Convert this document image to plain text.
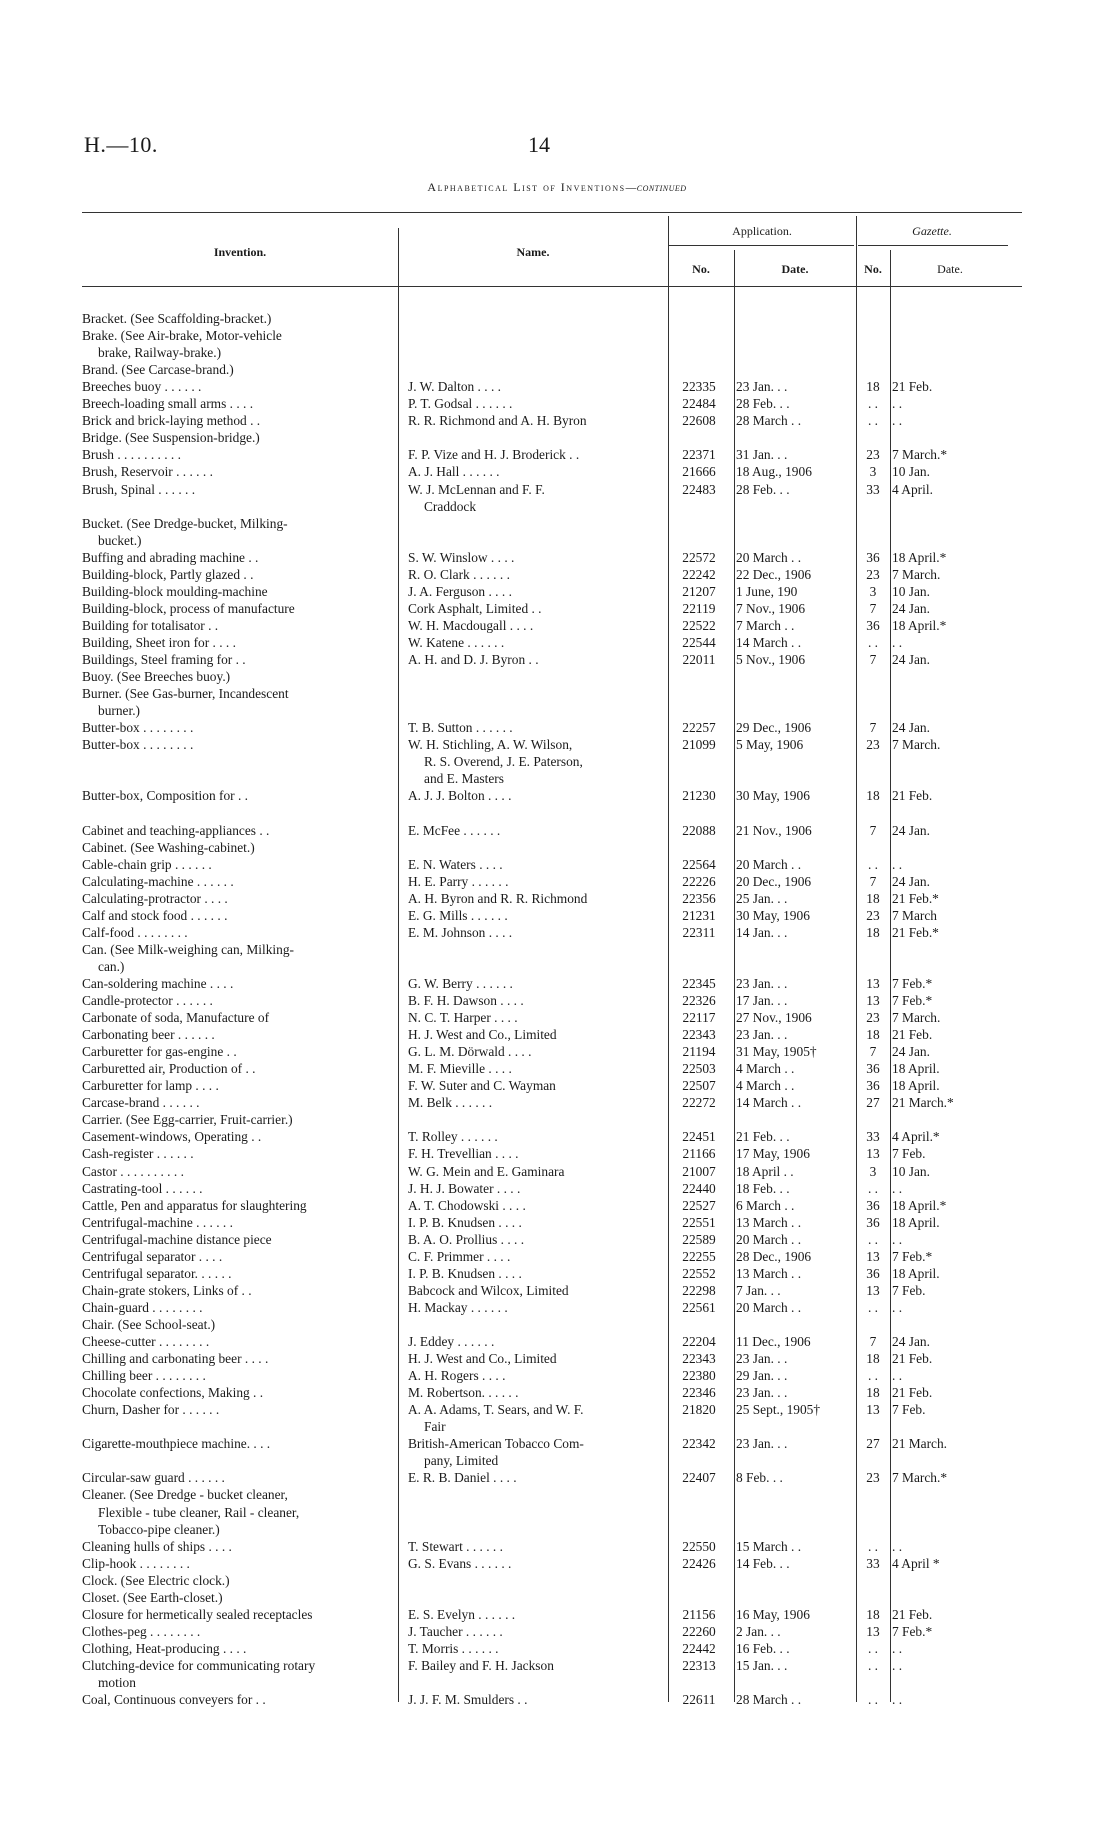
H.—10.	14
Alphabetical List of Inventions—continued
Invention.	Name.
Application.
No.	Date.
Gazette.
No.	Date.
Bracket. (See Scaffolding-bracket.)
Brake. (See Air-brake, Motor-vehicle
brake, Railway-brake.)
Brand. (See Carcase-brand.)
Breeches buoy . . . . . .	J. W. Dalton . . . .	22335	23 Jan. . .	18 21 Feb.
Breech-loading small arms . . . .	P. T. Godsal . . . . . .	22484	28 Feb. . .	. .	. .
Brick and brick-laying method . .	R. R. Richmond and A. H. Byron	22608	28 March . .	. .	. .
Bridge. (See Suspension-bridge.)
Brush . . . . . . . . . .	F. P. Vize and H. J. Broderick . .	22371	31 Jan. . .	23 7 March.*
Brush, Reservoir . . . . . .	A. J. Hall . . . . . .	21666	18 Aug., 1906	3	10 Jan.
Brush, Spinal . . . . . .	W. J. McLennan and F. F.	22483	28 Feb. . .	33 4 April.
Craddock
Bucket. (See Dredge-bucket, Milking-
bucket.)
Buffing and abrading machine . .	S. W. Winslow . . . .	22572	20 March . .	36 18 April.*
Building-block, Partly glazed . .	R. O. Clark . . . . . .	22242	22 Dec., 1906	23 7 March.
Building-block moulding-machine	J. A. Ferguson . . . .	21207	1 June, 190	3	10 Jan.
Building-block, process of manufacture	Cork Asphalt, Limited . .	22119	7 Nov., 1906	7	24 Jan.
Building for totalisator . .	W. H. Macdougall . . . .	22522	7 March . .	36 18 April.*
Building, Sheet iron for . . . .	W. Katene . . . . . .	22544	14 March . .	. .	. .
Buildings, Steel framing for . .	A. H. and D. J. Byron . .	22011	5 Nov., 1906	7	24 Jan.
Buoy. (See Breeches buoy.)
Burner. (See Gas-burner, Incandescent
burner.)
Butter-box . . . . . . . .	T. B. Sutton . . . . . .	22257	29 Dec., 1906	7	24 Jan.
Butter-box . . . . . . . .	W. H. Stichling, A. W. Wilson,	21099	5 May, 1906	23 7 March.
R. S. Overend, J. E. Paterson,
and E. Masters
Butter-box, Composition for . .	A. J. J. Bolton . . . .	21230	30 May, 1906	18 21 Feb.
Cabinet and teaching-appliances . .	E. McFee . . . . . .	22088	21 Nov., 1906	7	24 Jan.
Cabinet. (See Washing-cabinet.)
Cable-chain grip . . . . . .	E. N. Waters . . . .	22564	20 March . .	. .	. .
Calculating-machine . . . . . .	H. E. Parry . . . . . .	22226	20 Dec., 1906	7	24 Jan.
Calculating-protractor . . . .	A. H. Byron and R. R. Richmond	22356	25 Jan. . .	18 21 Feb.*
Calf and stock food . . . . . .	E. G. Mills . . . . . .	21231	30 May, 1906	23 7 March
Calf-food . . . . . . . .	E. M. Johnson . . . .	22311	14 Jan. . .	18 21 Feb.*
Can. (See Milk-weighing can, Milking-
can.)
Can-soldering machine . . . .	G. W. Berry . . . . . .	22345	23 Jan. . .	13 7 Feb.*
Candle-protector . . . . . .	B. F. H. Dawson . . . .	22326	17 Jan. . .	13 7 Feb.*
Carbonate of soda, Manufacture of	N. C. T. Harper . . . .	22117	27 Nov., 1906	23 7 March.
Carbonating beer . . . . . .	H. J. West and Co., Limited	22343	23 Jan. . .	18 21 Feb.
Carburetter for gas-engine . .	G. L. M. Dörwald . . . .	21194	31 May, 1905†	7	24 Jan.
Carburetted air, Production of . .	M. F. Mieville . . . .	22503	4 March . .	36 18 April.
Carburetter for lamp . . . .	F. W. Suter and C. Wayman	22507	4 March . .	36 18 April.
Carcase-brand . . . . . .	M. Belk . . . . . .	22272	14 March . .	27 21 March.*
Carrier. (See Egg-carrier, Fruit-carrier.)
Casement-windows, Operating . .	T. Rolley . . . . . .	22451	21 Feb. . .	33 4 April.*
Cash-register . . . . . .	F. H. Trevellian . . . .	21166	17 May, 1906	13 7 Feb.
Castor . . . . . . . . . .	W. G. Mein and E. Gaminara	21007	18 April . .	3	10 Jan.
Castrating-tool . . . . . .	J. H. J. Bowater . . . .	22440	18 Feb. . .	. .	. .
Cattle, Pen and apparatus for slaughtering	A. T. Chodowski . . . .	22527	6 March . .	36 18 April.*
Centrifugal-machine . . . . . .	I. P. B. Knudsen . . . .	22551	13 March . .	36 18 April.
Centrifugal-machine distance piece	B. A. O. Prollius . . . .	22589	20 March . .	. .	. .
Centrifugal separator . . . .	C. F. Primmer . . . .	22255	28 Dec., 1906	13 7 Feb.*
Centrifugal separator. . . . . .	I. P. B. Knudsen . . . .	22552	13 March . .	36 18 April.
Chain-grate stokers, Links of . .	Babcock and Wilcox, Limited	22298	7 Jan. . .	13 7 Feb.
Chain-guard . . . . . . . .	H. Mackay . . . . . .	22561	20 March . .	. .	. .
Chair. (See School-seat.)
Cheese-cutter . . . . . . . .	J. Eddey . . . . . .	22204	11 Dec., 1906	7	24 Jan.
Chilling and carbonating beer . . . .	H. J. West and Co., Limited	22343	23 Jan. . .	18 21 Feb.
Chilling beer . . . . . . . .	A. H. Rogers . . . .	22380	29 Jan. . .	. .	. .
Chocolate confections, Making . .	M. Robertson. . . . . .	22346	23 Jan. . .	18 21 Feb.
Churn, Dasher for . . . . . .	A. A. Adams, T. Sears, and W. F.	21820	25 Sept., 1905†	13 7 Feb.
Fair
Cigarette-mouthpiece machine. . . .	British-American Tobacco Com-	22342	23 Jan. . .	27 21 March.
pany, Limited
Circular-saw guard . . . . . .	E. R. B. Daniel . . . .	22407	8 Feb. . .	23 7 March.*
Cleaner. (See Dredge - bucket cleaner,
Flexible - tube cleaner, Rail - cleaner,
Tobacco-pipe cleaner.)
Cleaning hulls of ships . . . .	T. Stewart . . . . . .	22550	15 March . .	. .	. .
Clip-hook . . . . . . . .	G. S. Evans . . . . . .	22426	14 Feb. . .	33 4 April *
Clock. (See Electric clock.)
Closet. (See Earth-closet.)
Closure for hermetically sealed receptacles	E. S. Evelyn . . . . . .	21156	16 May, 1906	18 21 Feb.
Clothes-peg . . . . . . . .	J. Taucher . . . . . .	22260	2 Jan. . .	13 7 Feb.*
Clothing, Heat-producing . . . .	T. Morris . . . . . .	22442	16 Feb. . .	. .	. .
Clutching-device for communicating rotary	F. Bailey and F. H. Jackson	22313	15 Jan. . .	. .	. .
motion
Coal, Continuous conveyers for . .	J. J. F. M. Smulders . .	22611	28 March . .	. .	. .
